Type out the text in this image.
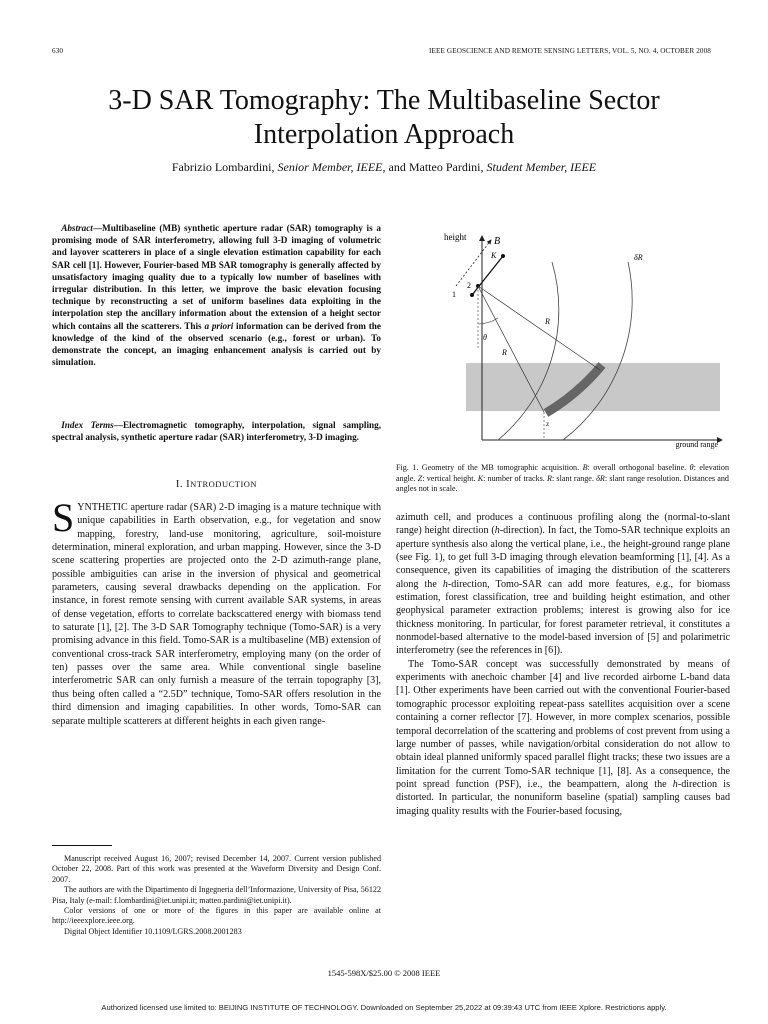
630	IEEE GEOSCIENCE AND REMOTE SENSING LETTERS, VOL. 5, NO. 4, OCTOBER 2008
3-D SAR Tomography: The Multibaseline Sector Interpolation Approach
Fabrizio Lombardini, Senior Member, IEEE, and Matteo Pardini, Student Member, IEEE
 Abstract—Multibaseline (MB) synthetic aperture radar (SAR) tomography is a promising mode of SAR interferometry, allowing full 3-D imaging of volumetric and layover scatterers in place of a single elevation estimation capability for each SAR cell [1]. However, Fourier-based MB SAR tomography is generally affected by unsatisfactory imaging quality due to a typically low number of baselines with irregular distribution. In this letter, we improve the basic elevation focusing technique by reconstructing a set of uniform baselines data exploiting in the interpolation step the ancillary information about the extension of a height sector which contains all the scatterers. This a priori information can be derived from the knowledge of the kind of the observed scenario (e.g., forest or urban). To demonstrate the concept, an imaging enhancement analysis is carried out by simulation.
 Index Terms—Electromagnetic tomography, interpolation, signal sampling, spectral analysis, synthetic aperture radar (SAR) interferometry, 3-D imaging.
I. INTRODUCTION
SYNTHETIC aperture radar (SAR) 2-D imaging is a mature technique with unique capabilities in Earth observation, e.g., for vegetation and snow mapping, forestry, land-use monitoring, agriculture, soil-moisture determination, mineral exploration, and urban mapping. However, since the 3-D scene scattering properties are projected onto the 2-D azimuth-range plane, possible ambiguities can arise in the inversion of physical and geometrical parameters, causing several drawbacks depending on the application. For instance, in forest remote sensing with current available SAR systems, in areas of dense vegetation, efforts to correlate backscattered energy with biomass tend to saturate [1], [2]. The 3-D SAR Tomography technique (Tomo-SAR) is a very promising advance in this field. Tomo-SAR is a multibaseline (MB) extension of conventional cross-track SAR interferometry, employing many (on the order of ten) passes over the same area. While conventional single baseline interferometric SAR can only furnish a measure of the terrain topography [3], thus being often called a “2.5D” technique, Tomo-SAR offers resolution in the third dimension and imaging capabilities. In other words, Tomo-SAR can separate multiple scatterers at different heights in each given range-

Manuscript received August 16, 2007; revised December 14, 2007. Current version published October 22, 2008. Part of this work was presented at the Waveform Diversity and Design Conf. 2007.

The authors are with the Dipartimento di Ingegneria dell’Informazione, University of Pisa, 56122 Pisa, Italy (e-mail: f.lombardini@iet.unipi.it; matteo.pardini@iet.unipi.it).

Color versions of one or more of the figures in this paper are available online at http://ieeexplore.ieee.org.

Digital Object Identifier 10.1109/LGRS.2008.2001283

height	B
K
2
1
δR
R
R
θ
z
ground range
Fig. 1. Geometry of the MB tomographic acquisition. B: overall orthogonal baseline. θ: elevation angle. Z: vertical height. K: number of tracks. R: slant range. δR: slant range resolution. Distances and angles not in scale.

azimuth cell, and produces a continuous profiling along the (normal-to-slant range) height direction (h-direction). In fact, the Tomo-SAR technique exploits an aperture synthesis also along the vertical plane, i.e., the height-ground range plane (see Fig. 1), to get full 3-D imaging through elevation beamforming [1], [4]. As a consequence, given its capabilities of imaging the distribution of the scatterers along the h-direction, Tomo-SAR can add more features, e.g., for biomass estimation, forest classification, tree and building height estimation, and other geophysical parameter extraction problems; interest is growing also for ice thickness monitoring. In particular, for forest parameter retrieval, it constitutes a nonmodel-based alternative to the model-based inversion of [5] and polarimetric interferometry (see the references in [6]).

The Tomo-SAR concept was successfully demonstrated by means of experiments with anechoic chamber [4] and live recorded airborne L-band data [1]. Other experiments have been carried out with the conventional Fourier-based tomographic processor exploiting repeat-pass satellites acquisition over a scene containing a corner reflector [7]. However, in more complex scenarios, possible temporal decorrelation of the scattering and problems of cost prevent from using a large number of passes, while navigation/orbital consideration do not allow to obtain ideal planned uniformly spaced parallel flight tracks; these two issues are a limitation for the current Tomo-SAR technique [1], [8]. As a consequence, the point spread function (PSF), i.e., the beampattern, along the h-direction is distorted. In particular, the nonuniform baseline (spatial) sampling causes bad imaging quality results with the Fourier-based focusing,

1545-598X/$25.00 © 2008 IEEE
Authorized licensed use limited to: BEIJING INSTITUTE OF TECHNOLOGY. Downloaded on September 25,2022 at 09:39:43 UTC from IEEE Xplore. Restrictions apply.
